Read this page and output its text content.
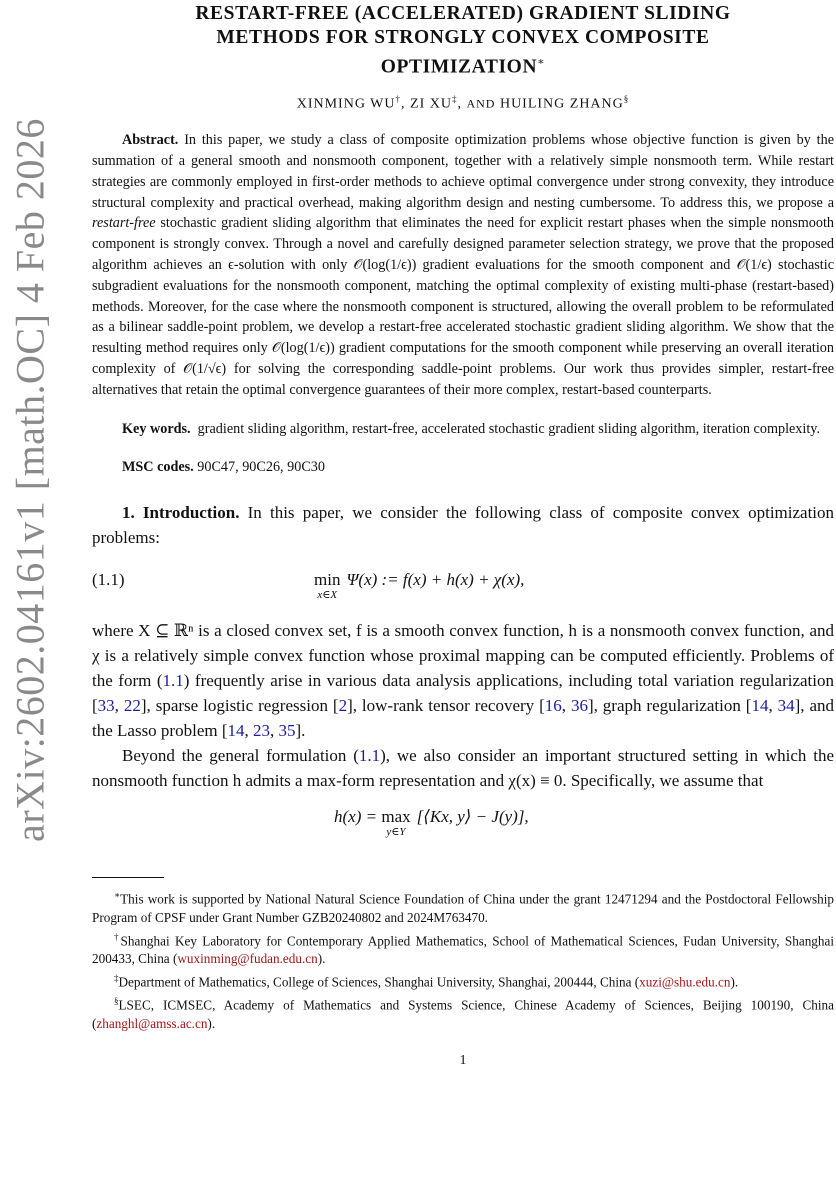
arXiv:2602.04161v1 [math.OC] 4 Feb 2026
RESTART-FREE (ACCELERATED) GRADIENT SLIDING
METHODS FOR STRONGLY CONVEX COMPOSITE
OPTIMIZATION∗
XINMING WU†, ZI XU‡, AND HUILING ZHANG§
Abstract. In this paper, we study a class of composite optimization problems whose objective function is given by the summation of a general smooth and nonsmooth component, together with a relatively simple nonsmooth term. While restart strategies are commonly employed in first-order methods to achieve optimal convergence under strong convexity, they introduce structural complexity and practical overhead, making algorithm design and nesting cumbersome. To address this, we propose a restart-free stochastic gradient sliding algorithm that eliminates the need for explicit restart phases when the simple nonsmooth component is strongly convex. Through a novel and carefully designed parameter selection strategy, we prove that the proposed algorithm achieves an ϵ-solution with only 𝒪(log(1/ϵ)) gradient evaluations for the smooth component and 𝒪(1/ϵ) stochastic subgradient evaluations for the nonsmooth component, matching the optimal complexity of existing multi-phase (restart-based) methods. Moreover, for the case where the nonsmooth component is structured, allowing the overall problem to be reformulated as a bilinear saddle-point problem, we develop a restart-free accelerated stochastic gradient sliding algorithm. We show that the resulting method requires only 𝒪(log(1/ϵ)) gradient computations for the smooth component while preserving an overall iteration complexity of 𝒪(1/√ϵ) for solving the corresponding saddle-point problems. Our work thus provides simpler, restart-free alternatives that retain the optimal convergence guarantees of their more complex, restart-based counterparts.
Key words. gradient sliding algorithm, restart-free, accelerated stochastic gradient sliding algorithm, iteration complexity.
MSC codes. 90C47, 90C26, 90C30
1. Introduction. In this paper, we consider the following class of composite convex optimization problems:
(1.1)	min
x∈X
Ψ(x) := f(x) + h(x) + χ(x),
where X ⊆ ℝⁿ is a closed convex set, f is a smooth convex function, h is a nonsmooth convex function, and χ is a relatively simple convex function whose proximal mapping can be computed efficiently. Problems of the form (1.1) frequently arise in various data analysis applications, including total variation regularization [33, 22], sparse logistic regression [2], low-rank tensor recovery [16, 36], graph regularization [14, 34], and the Lasso problem [14, 23, 35].
Beyond the general formulation (1.1), we also consider an important structured setting in which the nonsmooth function h admits a max-form representation and χ(x) ≡ 0. Specifically, we assume that
h(x) = max
y∈Y
[⟨Kx, y⟩ − J(y)],
∗This work is supported by National Natural Science Foundation of China under the grant 12471294 and the Postdoctoral Fellowship Program of CPSF under Grant Number GZB20240802 and 2024M763470.
†Shanghai Key Laboratory for Contemporary Applied Mathematics, School of Mathematical Sciences, Fudan University, Shanghai 200433, China (wuxinming@fudan.edu.cn).
‡Department of Mathematics, College of Sciences, Shanghai University, Shanghai, 200444, China (xuzi@shu.edu.cn).
§LSEC, ICMSEC, Academy of Mathematics and Systems Science, Chinese Academy of Sciences, Beijing 100190, China (zhanghl@amss.ac.cn).
1
